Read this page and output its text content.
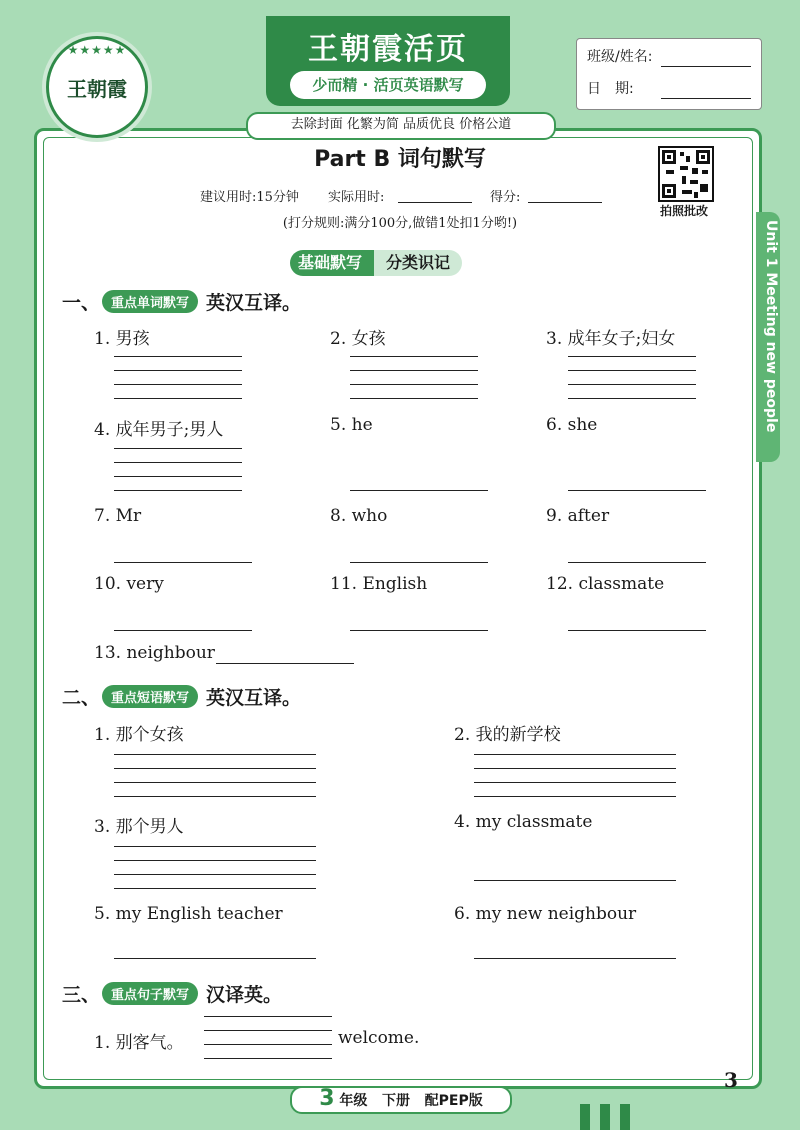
★★★★★
王朝霞
王朝霞活页
少而精 · 活页英语默写
班级/姓名:
日　期:
去除封面 化繁为简 品质优良 价格公道
Part B 词句默写
建议用时:15分钟 实际用时:	得分:
(打分规则:满分100分,做错1处扣1分哟!)
拍照批改
Unit 1 Meeting new people
基础默写	分类识记
一、 重点单词默写 英汉互译。
1. 男孩	2. 女孩	3. 成年女子;妇女
4. 成年男子;男人	5. he	6. she
7. Mr	8. who	9. after
10. very	11. English	12. classmate
13. neighbour
二、 重点短语默写 英汉互译。
1. 那个女孩	2. 我的新学校
3. 那个男人	4. my classmate
5. my English teacher	6. my new neighbour
三、 重点句子默写 汉译英。
1. 别客气。	welcome.
3 年级 下册 配PEP版
3
